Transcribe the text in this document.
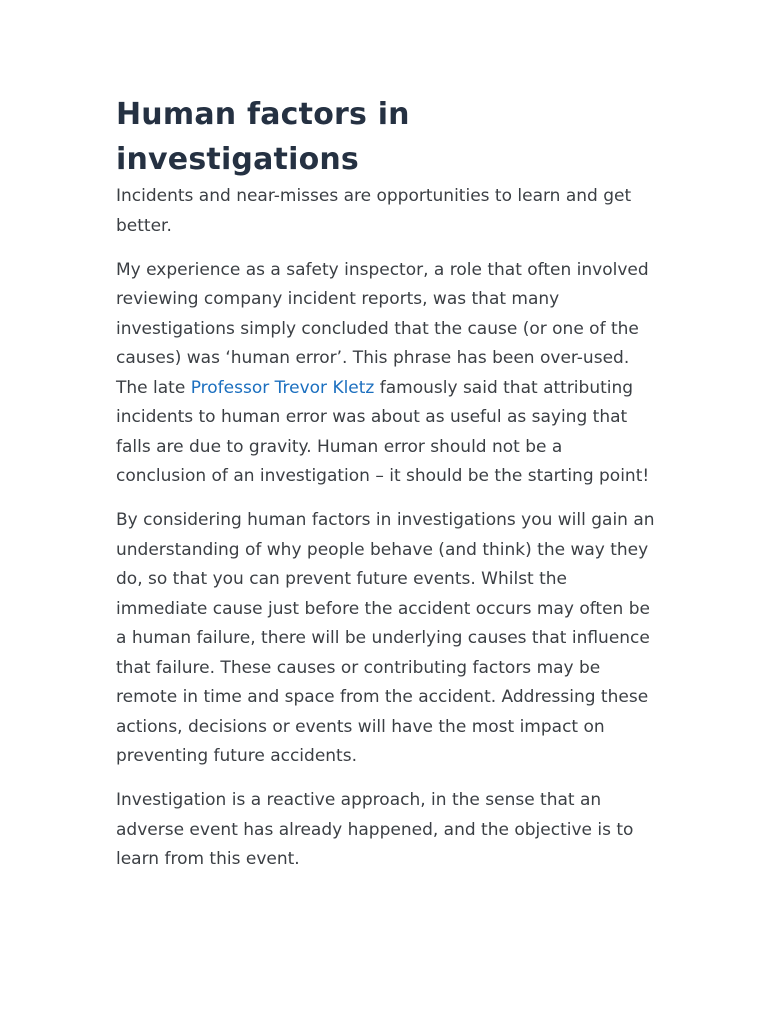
Human factors in investigations

Incidents and near-misses are opportunities to learn and get better.

My experience as a safety inspector, a role that often involved reviewing company incident reports, was that many investigations simply concluded that the cause (or one of the causes) was ‘human error’. This phrase has been over-used. The late Professor Trevor Kletz famously said that attributing incidents to human error was about as useful as saying that falls are due to gravity. Human error should not be a conclusion of an investigation – it should be the starting point!

By considering human factors in investigations you will gain an understanding of why people behave (and think) the way they do, so that you can prevent future events. Whilst the immediate cause just before the accident occurs may often be a human failure, there will be underlying causes that influence that failure. These causes or contributing factors may be remote in time and space from the accident. Addressing these actions, decisions or events will have the most impact on preventing future accidents.

Investigation is a reactive approach, in the sense that an adverse event has already happened, and the objective is to learn from this event.
